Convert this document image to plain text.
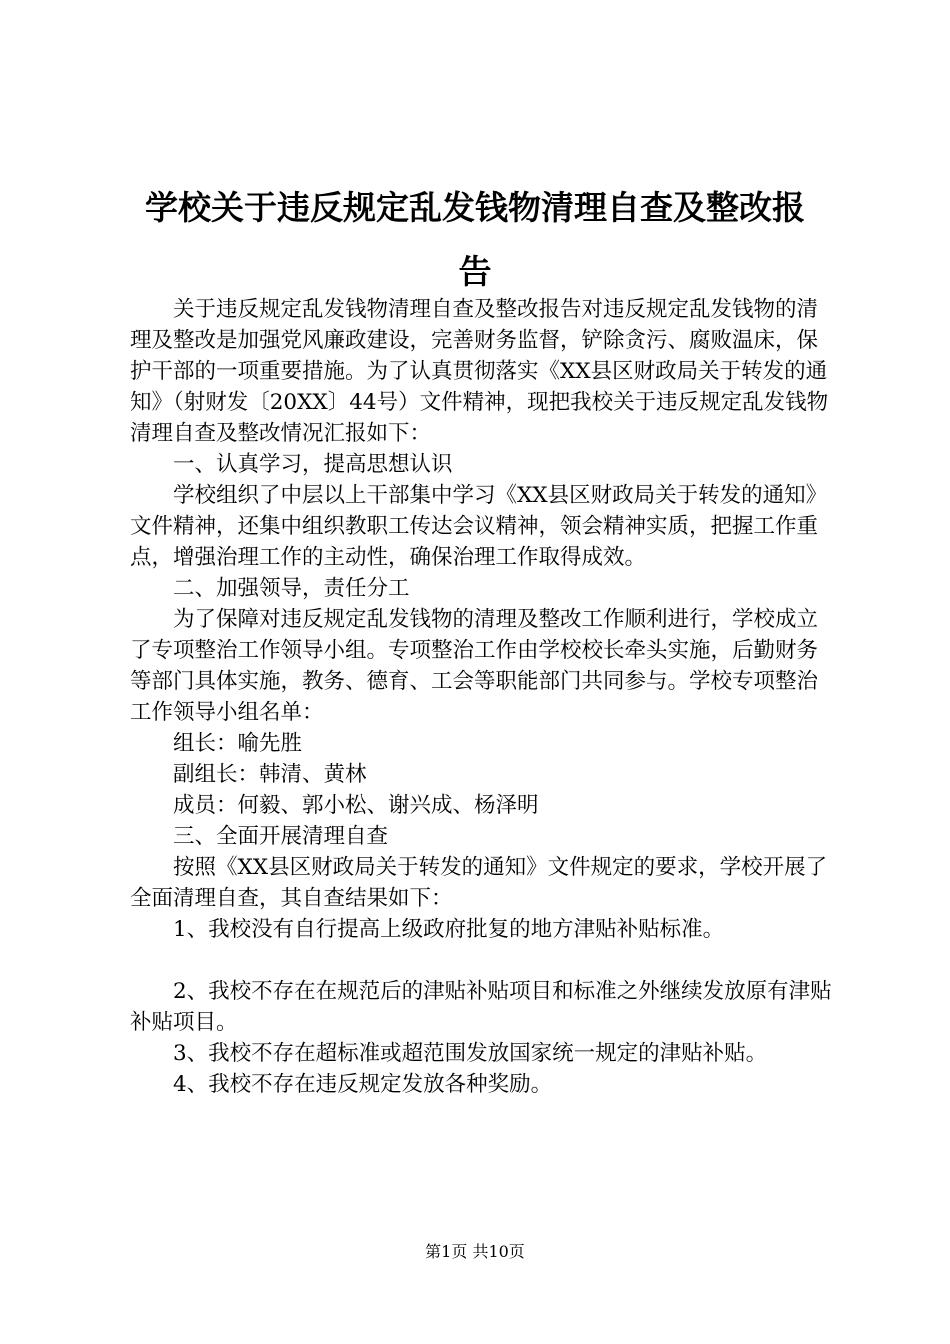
学校关于违反规定乱发钱物清理自查及整改报
告

关于违反规定乱发钱物清理自查及整改报告对违反规定乱发钱物的清理及整改是加强党风廉政建设，完善财务监督，铲除贪污、腐败温床，保护干部的一项重要措施。为了认真贯彻落实《XX县区财政局关于转发的通知》（射财发〔20XX〕44号）文件精神，现把我校关于违反规定乱发钱物清理自查及整改情况汇报如下：

一、认真学习，提高思想认识

学校组织了中层以上干部集中学习《XX县区财政局关于转发的通知》文件精神，还集中组织教职工传达会议精神，领会精神实质，把握工作重点，增强治理工作的主动性，确保治理工作取得成效。

二、加强领导，责任分工

为了保障对违反规定乱发钱物的清理及整改工作顺利进行，学校成立了专项整治工作领导小组。专项整治工作由学校校长牵头实施，后勤财务等部门具体实施，教务、德育、工会等职能部门共同参与。学校专项整治工作领导小组名单：

组长：喻先胜

副组长：韩清、黄林

成员：何毅、郭小松、谢兴成、杨泽明

三、全面开展清理自查

按照《XX县区财政局关于转发的通知》文件规定的要求，学校开展了全面清理自查，其自查结果如下：

1、我校没有自行提高上级政府批复的地方津贴补贴标准。

2、我校不存在在规范后的津贴补贴项目和标准之外继续发放原有津贴补贴项目。

3、我校不存在超标准或超范围发放国家统一规定的津贴补贴。

4、我校不存在违反规定发放各种奖励。

第1页 共10页
